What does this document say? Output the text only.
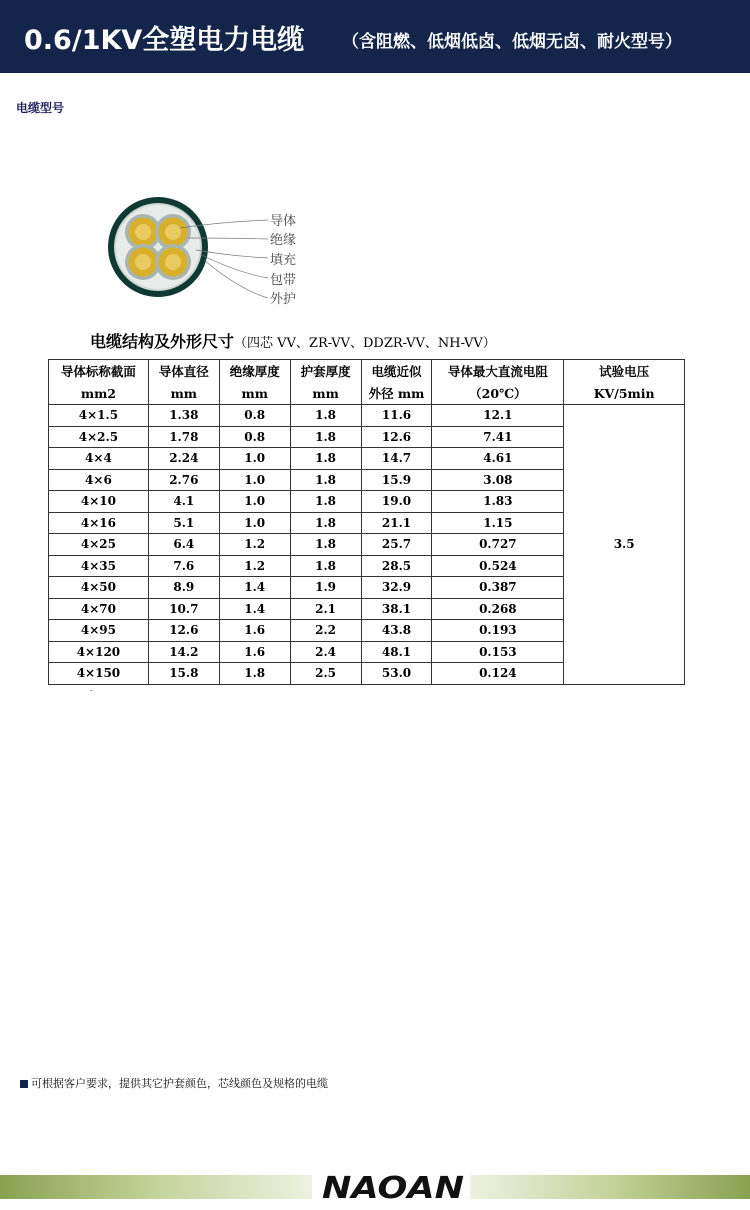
0.6/1KV全塑电力电缆 （含阻燃、低烟低卤、低烟无卤、耐火型号）
电缆型号
导体
绝缘
填充
包带
外护
电缆结构及外形尺寸（四芯 VV、ZR-VV、DDZR-VV、NH-VV）
导体标称截面	导体直径	绝缘厚度	护套厚度	电缆近似	导体最大直流电阻	试验电压
mm2	mm	mm	mm	外径 mm	（20℃）	KV/5min
4×1.5	1.38	0.8	1.8	11.6	12.1	3.5
4×2.5	1.78	0.8	1.8	12.6	7.41	
4×4	2.24	1.0	1.8	14.7	4.61	
4×6	2.76	1.0	1.8	15.9	3.08	
4×10	4.1	1.0	1.8	19.0	1.83	
4×16	5.1	1.0	1.8	21.1	1.15	
4×25	6.4	1.2	1.8	25.7	0.727	
4×35	7.6	1.2	1.8	28.5	0.524	
4×50	8.9	1.4	1.9	32.9	0.387	
4×70	10.7	1.4	2.1	38.1	0.268	
4×95	12.6	1.6	2.2	43.8	0.193	
4×120	14.2	1.6	2.4	48.1	0.153	
4×150	15.8	1.8	2.5	53.0	0.124	
可根据客户要求，提供其它护套颜色，芯线颜色及规格的电缆
NAOAN
